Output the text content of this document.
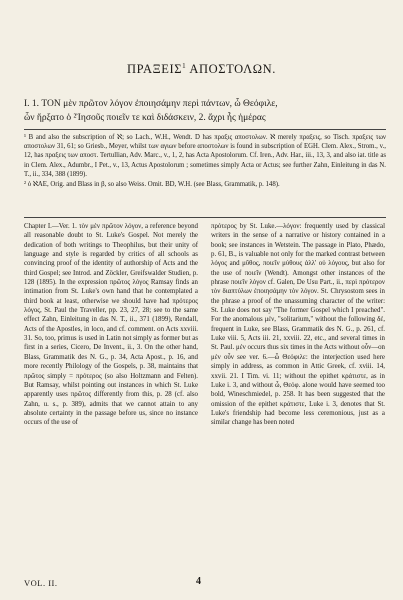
ΠΡΑΞΕΙΣ$^1$ ΑΠΟΣΤΟΛΩΝ.
I. 1. ΤΟΝ μὲν πρῶτον λόγον ἐποιησάμην περὶ πάντων, ὦ Θεόφιλε,
ὧν ἤρξατο ὁ ²Ἰησοῦς ποιεῖν τε καὶ διδάσκειν, 2. ἄχρι ἧς ἡμέρας

¹ B and also the subscription of ℵ; so Lach., W.H., Wendt. D has πραξις αποστολων. ℵ merely πραξεις, so Tisch. πραξεις των αποστολων 31, 61; so Griesb., Meyer, whilst των αγιων before αποστολων is found in subscription of EGH. Clem. Alex., Strom., v., 12, has πραξεις των αποστ. Tertullian, Adv. Marc., v., 1, 2, has Acta Apostolorum. Cf. Iren., Adv. Har., iii., 13, 3, and also iat. title as in Clem. Alex., Adumbr., I Pet., v., 13, Actus Apostolorum ; sometimes simply Acta or Actus; see further Zahn, Einleitung in das N. T., ii., 334, 388 (1899).

² ὁ ℵAE, Orig. and Blass in β, so also Weiss. Omit. BD, W.H. (see Blass, Grammatik, p. 148).

Chapter I.—Ver. 1. τὸν μὲν πρῶτον λόγον, a reference beyond all reasonable doubt to St. Luke's Gospel. Not merely the dedication of both writings to Theophilus, but their unity of language and style is regarded by critics of all schools as convincing proof of the identity of authorship of Acts and the third Gospel; see Introd. and Zöckler, Greifswalder Studien, p. 128 (1895). In the expression πρῶτος λόγος Ramsay finds an intimation from St. Luke's own hand that he contemplated a third book at least, otherwise we should have had πρότερος λόγος, St. Paul the Traveller, pp. 23, 27, 28; see to the same effect Zahn, Einleitung in das N. T., ii., 371 (1899), Rendall, Acts of the Apostles, in loco, and cf. comment. on Acts xxviii. 31. So, too, primus is used in Latin not simply as former but as first in a series, Cicero, De Invent., ii., 3. On the other hand, Blass, Grammatik des N. G., p. 34, Acta Apost., p. 16, and more recently Philology of the Gospels, p. 38, maintains that πρῶτος simply = πρότερος (so also Holtzmann and Felten). But Ramsay, whilst pointing out instances in which St. Luke apparently uses πρῶτος differently from this, p. 28 (cf. also Zahn, u. s., p. 389), admits that we cannot attain to any absolute certainty in the passage before us, since no instance occurs of the use of

πρότερος by St. Luke.—λόγον: frequently used by classical writers in the sense of a narrative or history contained in a book; see instances in Wetstein. The passage in Plato, Phædo, p. 61, B., is valuable not only for the marked contrast between λόγος and μῦθος, ποιεῖν μύθους ἀλλ' οὐ λόγους, but also for the use of ποιεῖν (Wendt). Amongst other instances of the phrase ποιεῖν λόγον cf. Galen, De Usu Part., ii., περὶ πρότερον τὸν διαπτύλων ἐποιησάμην τὸν λόγον. St. Chrysostom sees in the phrase a proof of the unassuming character of the writer: St. Luke does not say "The former Gospel which I preached". For the anomalous μέν, "solitarium," without the following δέ, frequent in Luke, see Blass, Grammatik des N. G., p. 261, cf. Luke viii. 5, Acts iii. 21, xxviii. 22, etc., and several times in St. Paul. μέν occurs thus six times in the Acts without οὖν—on μὲν οὖν see ver. 6.—ὦ Θεόφιλε: the interjection used here simply in address, as common in Attic Greek, cf. xviii. 14, xxvii. 21. I Tim. vi. 11; without the epithet κράτιστε, as in Luke i. 3, and without ὦ, Θεόφ. alone would have seemed too bold, Wineschmiedel, p. 258. It has been suggested that the omission of the epithet κράτιστε, Luke i. 3, denotes that St. Luke's friendship had become less ceremonious, just as a similar change has been noted

VOL. II.	4
